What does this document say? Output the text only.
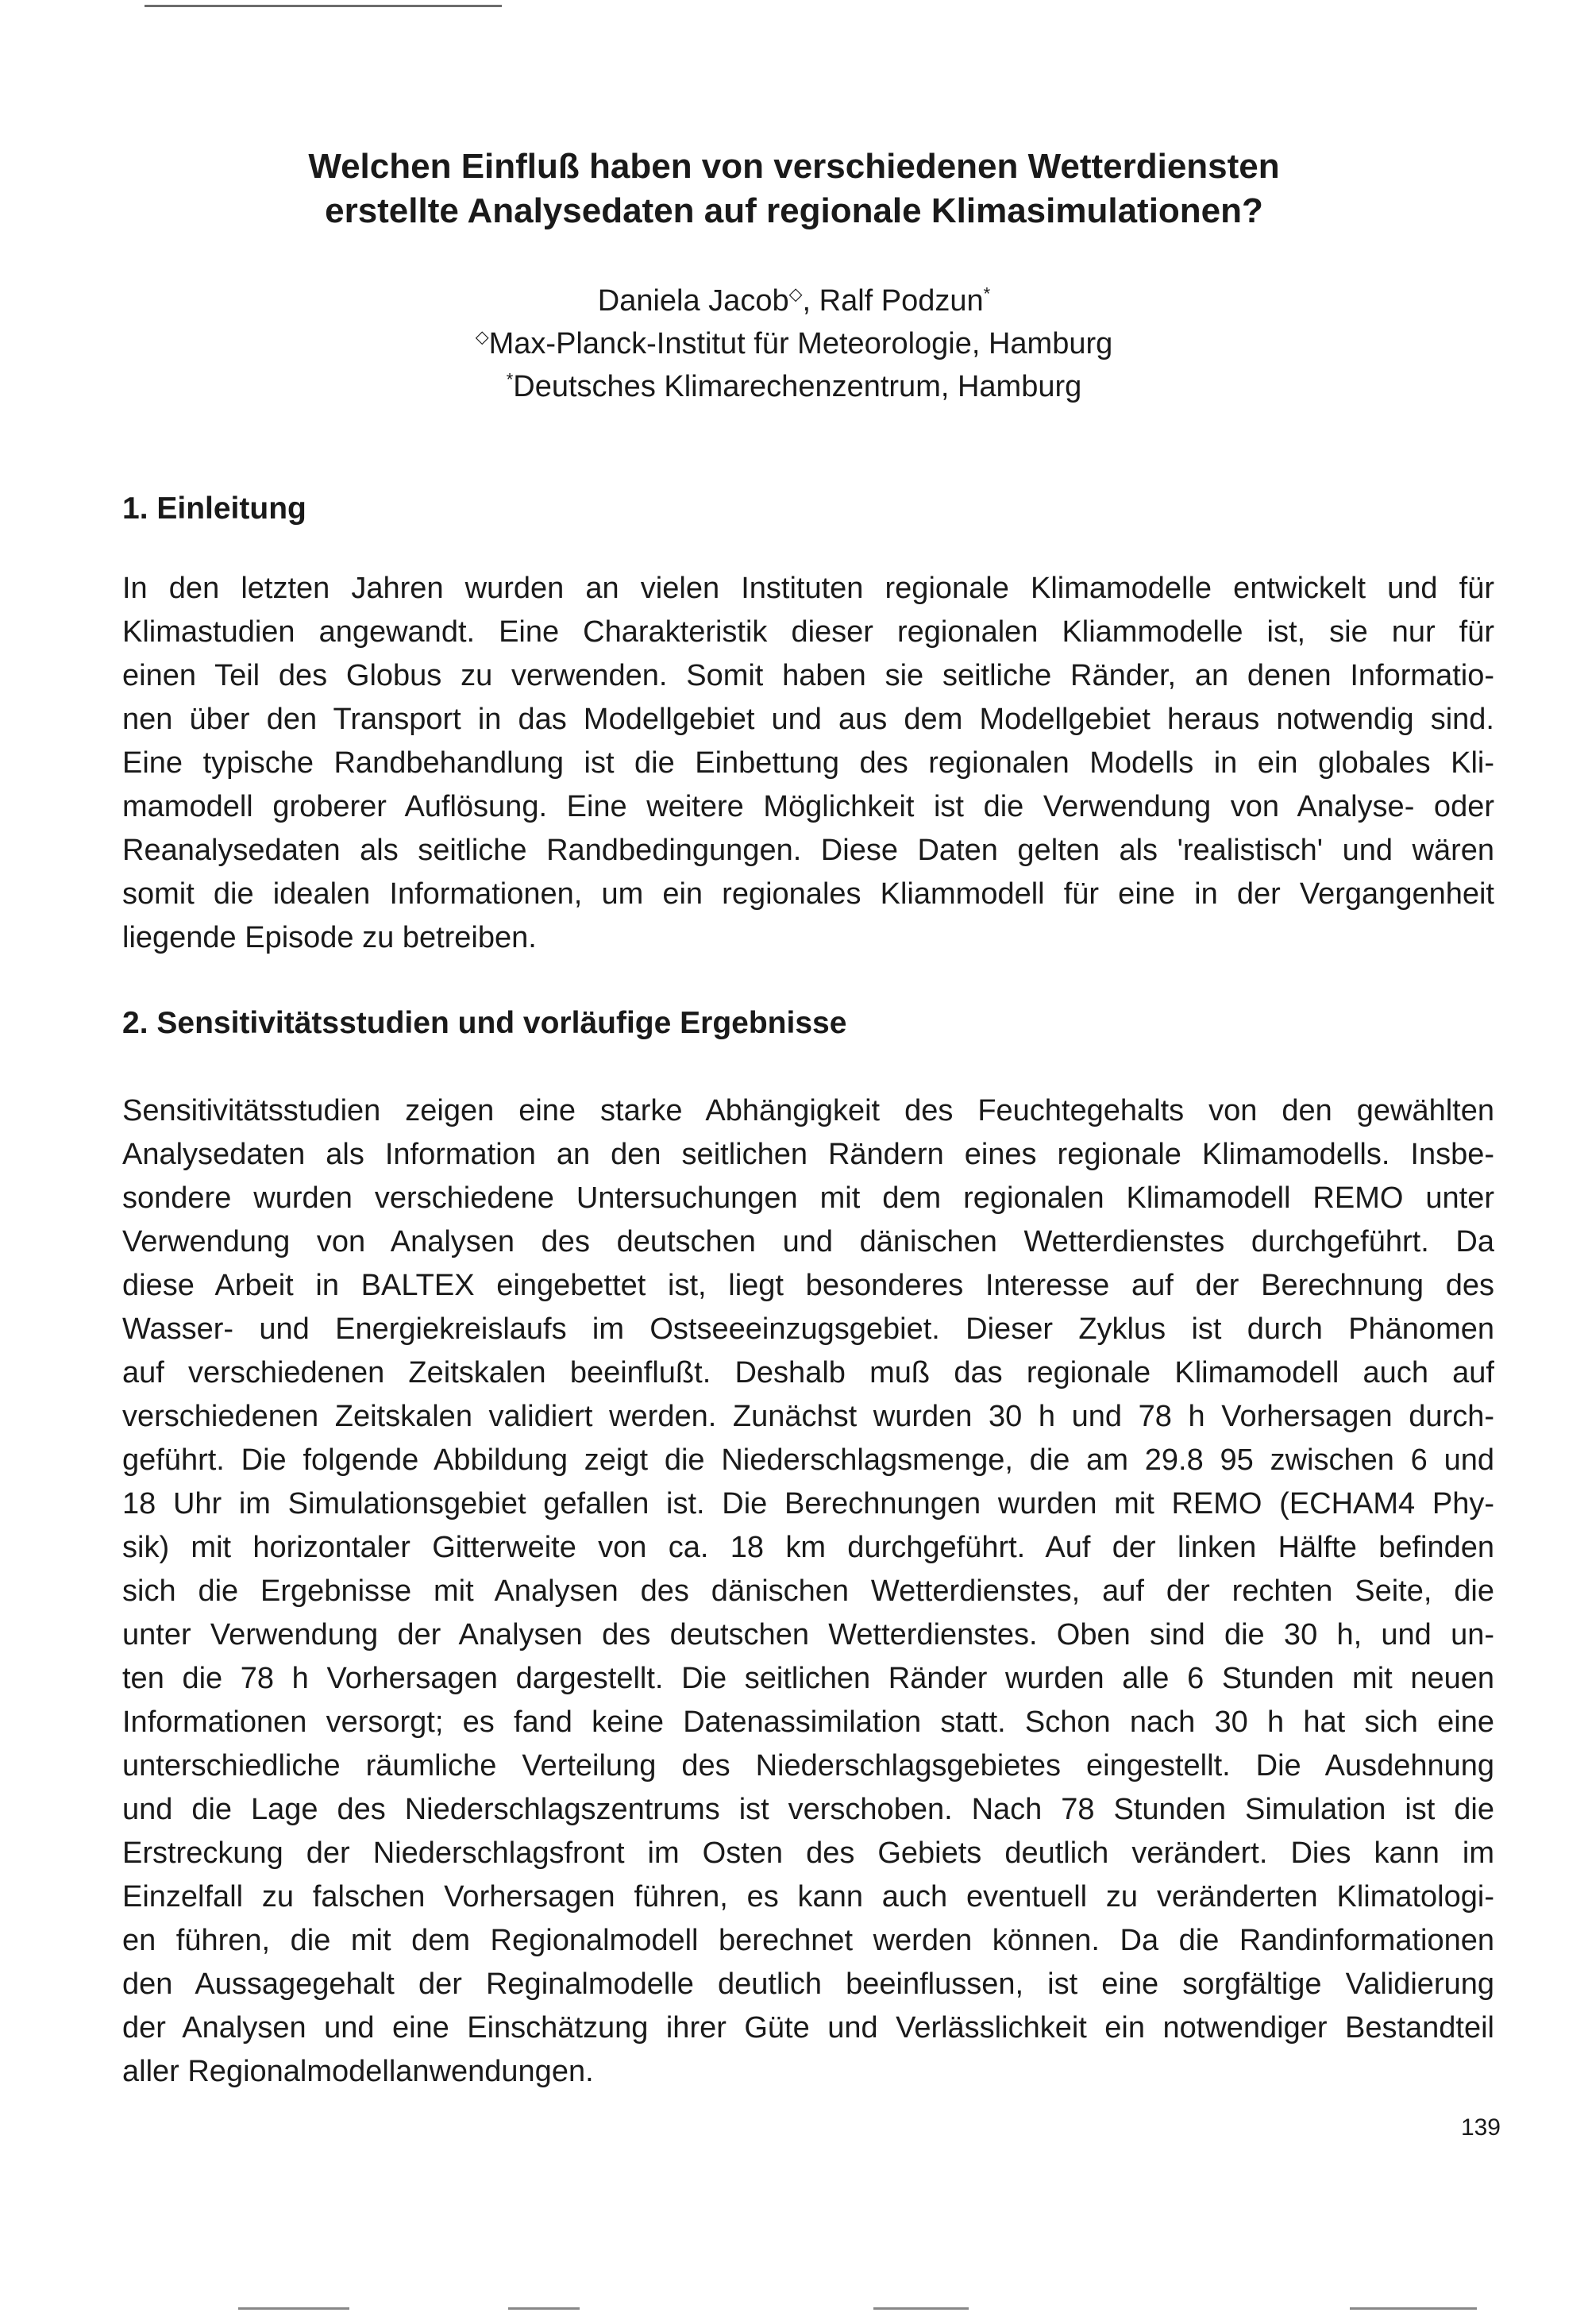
Welchen Einfluß haben von verschiedenen Wetterdiensten
erstellte Analysedaten auf regionale Klimasimulationen?
Daniela Jacob◇, Ralf Podzun*
◇Max-Planck-Institut für Meteorologie, Hamburg
*Deutsches Klimarechenzentrum, Hamburg
1. Einleitung
In den letzten Jahren wurden an vielen Instituten regionale Klimamodelle entwickelt und für
Klimastudien angewandt. Eine Charakteristik dieser regionalen Kliammodelle ist, sie nur für
einen Teil des Globus zu verwenden. Somit haben sie seitliche Ränder, an denen Informatio-
nen über den Transport in das Modellgebiet und aus dem Modellgebiet heraus notwendig sind.
Eine typische Randbehandlung ist die Einbettung des regionalen Modells in ein globales Kli-
mamodell groberer Auflösung. Eine weitere Möglichkeit ist die Verwendung von Analyse- oder
Reanalysedaten als seitliche Randbedingungen. Diese Daten gelten als 'realistisch' und wären
somit die idealen Informationen, um ein regionales Kliammodell für eine in der Vergangenheit
liegende Episode zu betreiben.
2. Sensitivitätsstudien und vorläufige Ergebnisse
Sensitivitätsstudien zeigen eine starke Abhängigkeit des Feuchtegehalts von den gewählten
Analysedaten als Information an den seitlichen Rändern eines regionale Klimamodells. Insbe-
sondere wurden verschiedene Untersuchungen mit dem regionalen Klimamodell REMO unter
Verwendung von Analysen des deutschen und dänischen Wetterdienstes durchgeführt. Da
diese Arbeit in BALTEX eingebettet ist, liegt besonderes Interesse auf der Berechnung des
Wasser- und Energiekreislaufs im Ostseeeinzugsgebiet. Dieser Zyklus ist durch Phänomen
auf verschiedenen Zeitskalen beeinflußt. Deshalb muß das regionale Klimamodell auch auf
verschiedenen Zeitskalen validiert werden. Zunächst wurden 30 h und 78 h Vorhersagen durch-
geführt. Die folgende Abbildung zeigt die Niederschlagsmenge, die am 29.8 95 zwischen 6 und
18 Uhr im Simulationsgebiet gefallen ist. Die Berechnungen wurden mit REMO (ECHAM4 Phy-
sik) mit horizontaler Gitterweite von ca. 18 km durchgeführt. Auf der linken Hälfte befinden
sich die Ergebnisse mit Analysen des dänischen Wetterdienstes, auf der rechten Seite, die
unter Verwendung der Analysen des deutschen Wetterdienstes. Oben sind die 30 h, und un-
ten die 78 h Vorhersagen dargestellt. Die seitlichen Ränder wurden alle 6 Stunden mit neuen
Informationen versorgt; es fand keine Datenassimilation statt. Schon nach 30 h hat sich eine
unterschiedliche räumliche Verteilung des Niederschlagsgebietes eingestellt. Die Ausdehnung
und die Lage des Niederschlagszentrums ist verschoben. Nach 78 Stunden Simulation ist die
Erstreckung der Niederschlagsfront im Osten des Gebiets deutlich verändert. Dies kann im
Einzelfall zu falschen Vorhersagen führen, es kann auch eventuell zu veränderten Klimatologi-
en führen, die mit dem Regionalmodell berechnet werden können. Da die Randinformationen
den Aussagegehalt der Reginalmodelle deutlich beeinflussen, ist eine sorgfältige Validierung
der Analysen und eine Einschätzung ihrer Güte und Verlässlichkeit ein notwendiger Bestandteil
aller Regionalmodellanwendungen.
139
